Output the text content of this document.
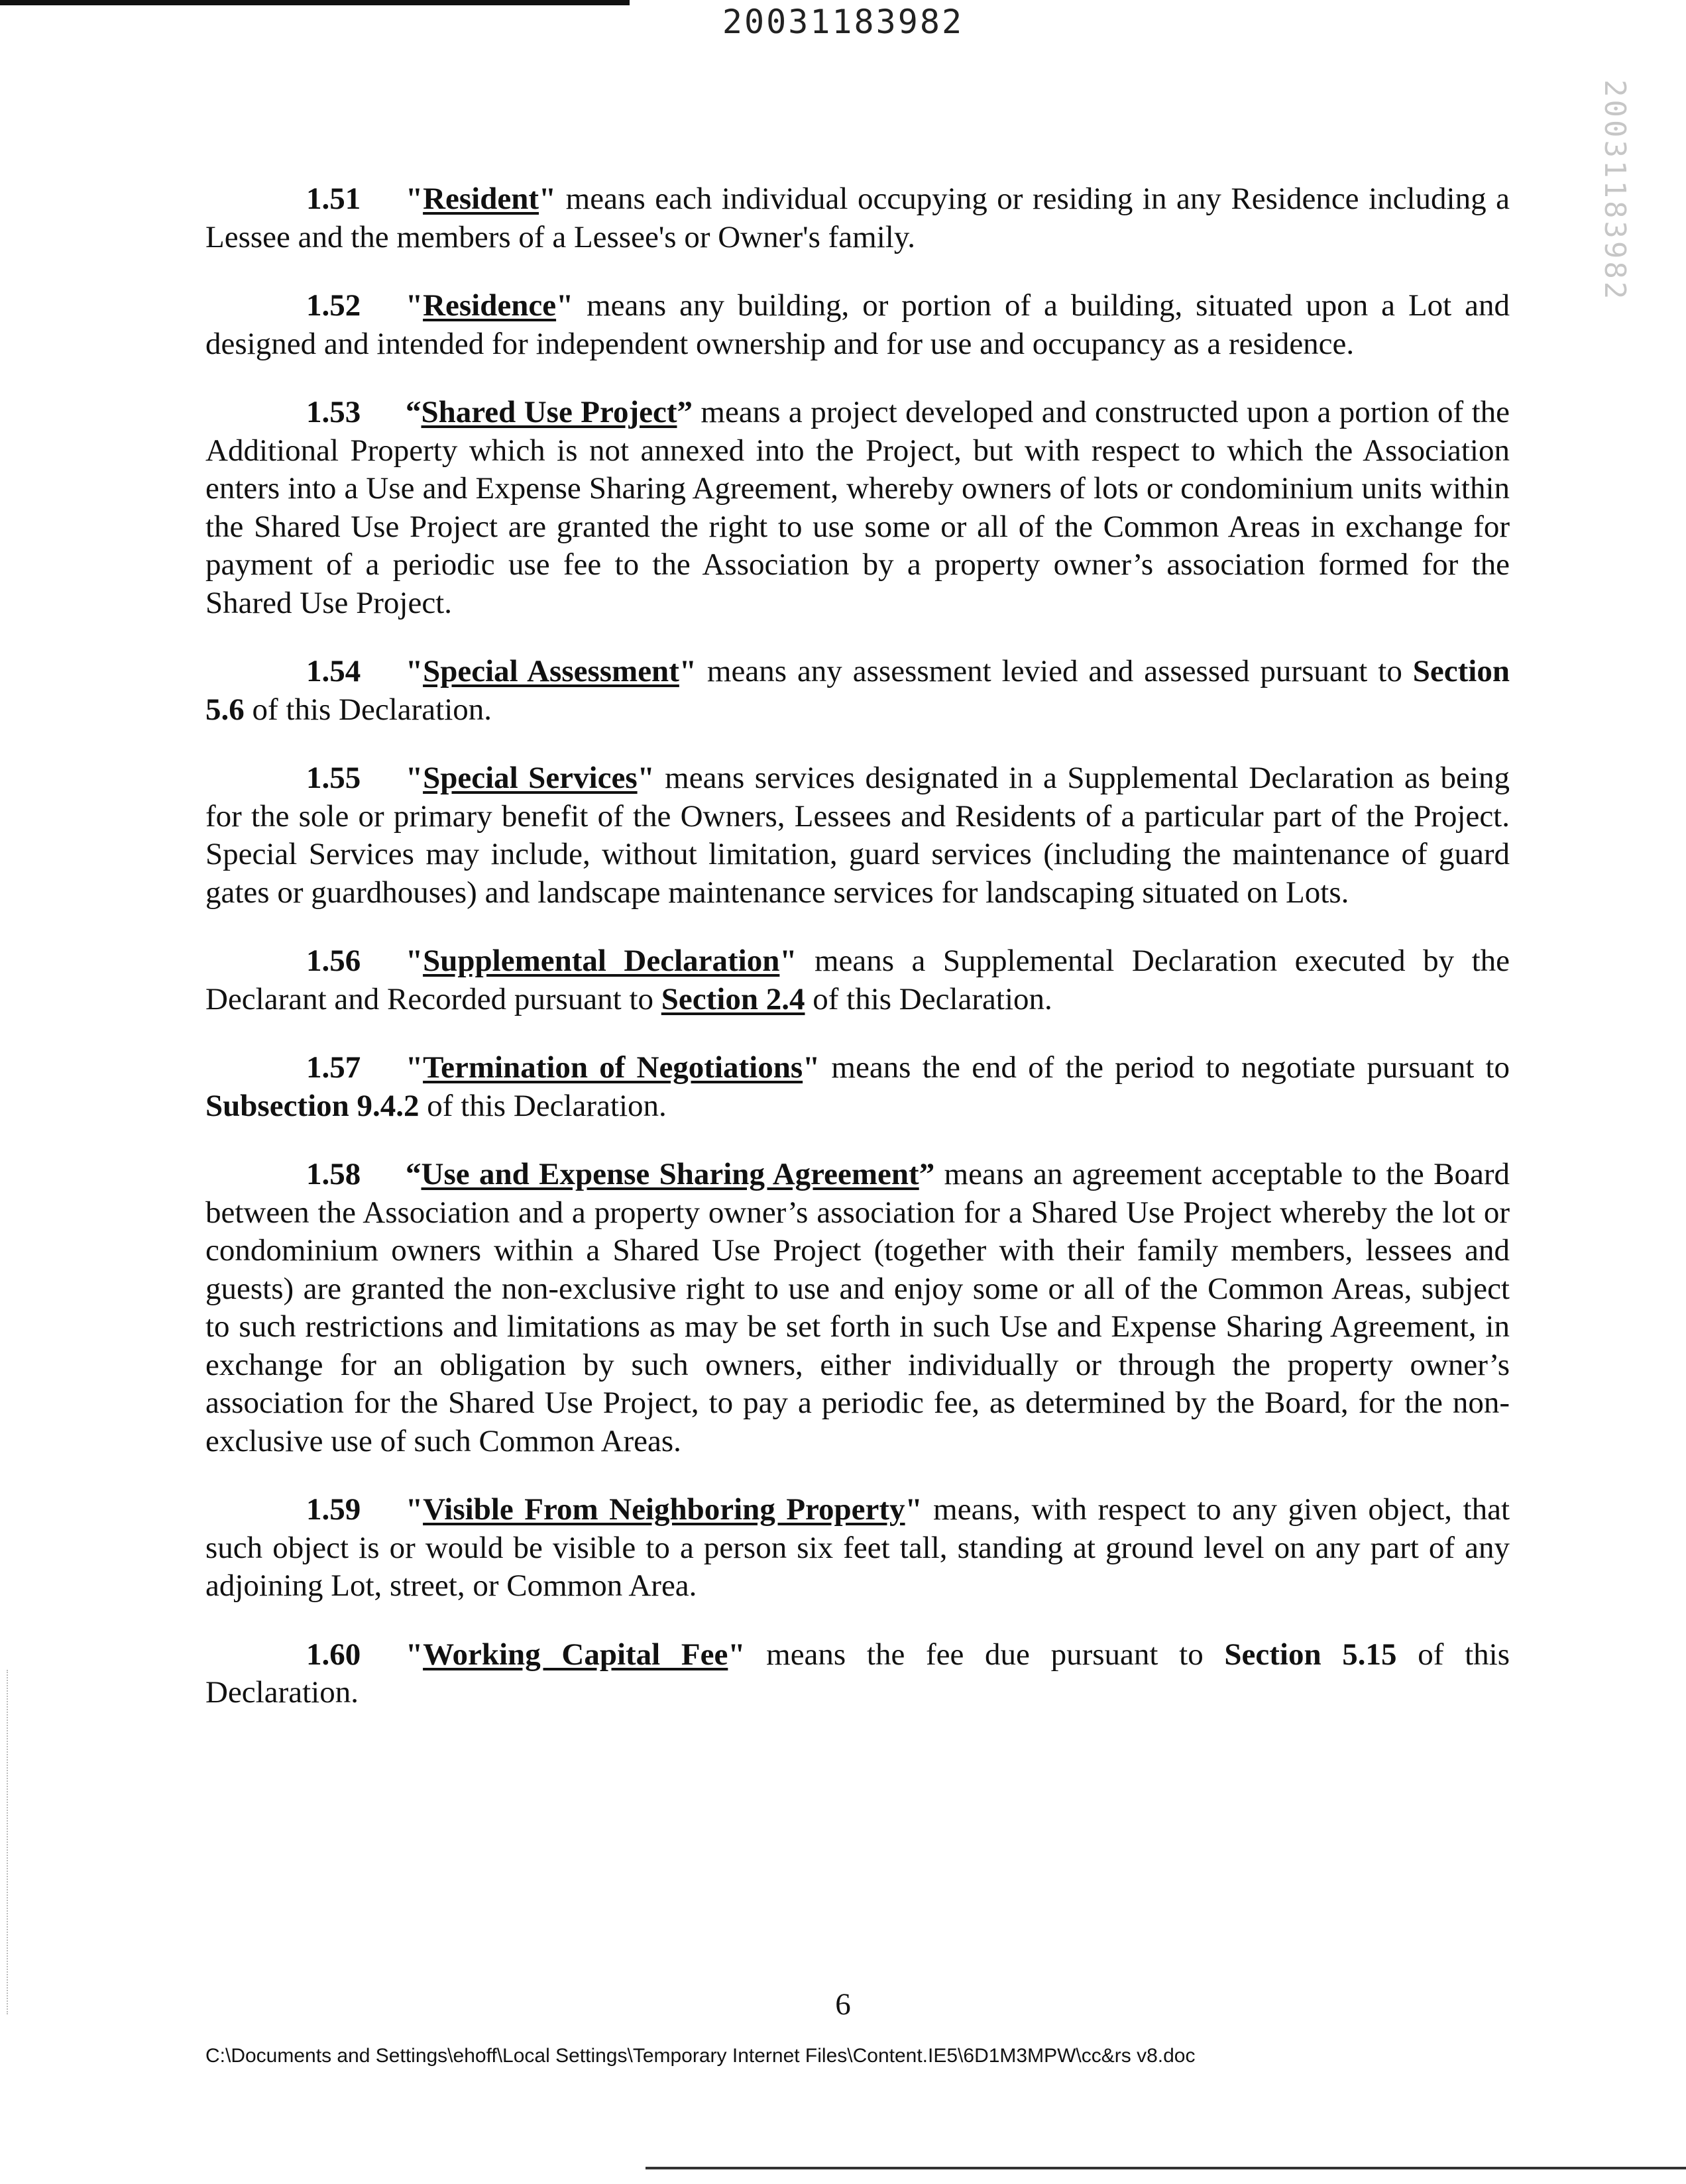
20031183982
20031183982

1.51 "Resident" means each individual occupying or residing in any Residence including a Lessee and the members of a Lessee's or Owner's family.

1.52 "Residence" means any building, or portion of a building, situated upon a Lot and designed and intended for independent ownership and for use and occupancy as a residence.

1.53 “Shared Use Project” means a project developed and constructed upon a portion of the Additional Property which is not annexed into the Project, but with respect to which the Association enters into a Use and Expense Sharing Agreement, whereby owners of lots or condominium units within the Shared Use Project are granted the right to use some or all of the Common Areas in exchange for payment of a periodic use fee to the Association by a property owner’s association formed for the Shared Use Project.

1.54 "Special Assessment" means any assessment levied and assessed pursuant to Section 5.6 of this Declaration.

1.55 "Special Services" means services designated in a Supplemental Declaration as being for the sole or primary benefit of the Owners, Lessees and Residents of a particular part of the Project. Special Services may include, without limitation, guard services (including the maintenance of guard gates or guardhouses) and landscape maintenance services for landscaping situated on Lots.

1.56 "Supplemental Declaration" means a Supplemental Declaration executed by the Declarant and Recorded pursuant to Section 2.4 of this Declaration.

1.57 "Termination of Negotiations" means the end of the period to negotiate pursuant to Subsection 9.4.2 of this Declaration.

1.58 “Use and Expense Sharing Agreement” means an agreement acceptable to the Board between the Association and a property owner’s association for a Shared Use Project whereby the lot or condominium owners within a Shared Use Project (together with their family members, lessees and guests) are granted the non-exclusive right to use and enjoy some or all of the Common Areas, subject to such restrictions and limitations as may be set forth in such Use and Expense Sharing Agreement, in exchange for an obligation by such owners, either individually or through the property owner’s association for the Shared Use Project, to pay a periodic fee, as determined by the Board, for the non-exclusive use of such Common Areas.

1.59 "Visible From Neighboring Property" means, with respect to any given object, that such object is or would be visible to a person six feet tall, standing at ground level on any part of any adjoining Lot, street, or Common Area.

1.60 "Working Capital Fee" means the fee due pursuant to Section 5.15 of this Declaration.

6
C:\Documents and Settings\ehoff\Local Settings\Temporary Internet Files\Content.IE5\6D1M3MPW\cc&rs v8.doc
